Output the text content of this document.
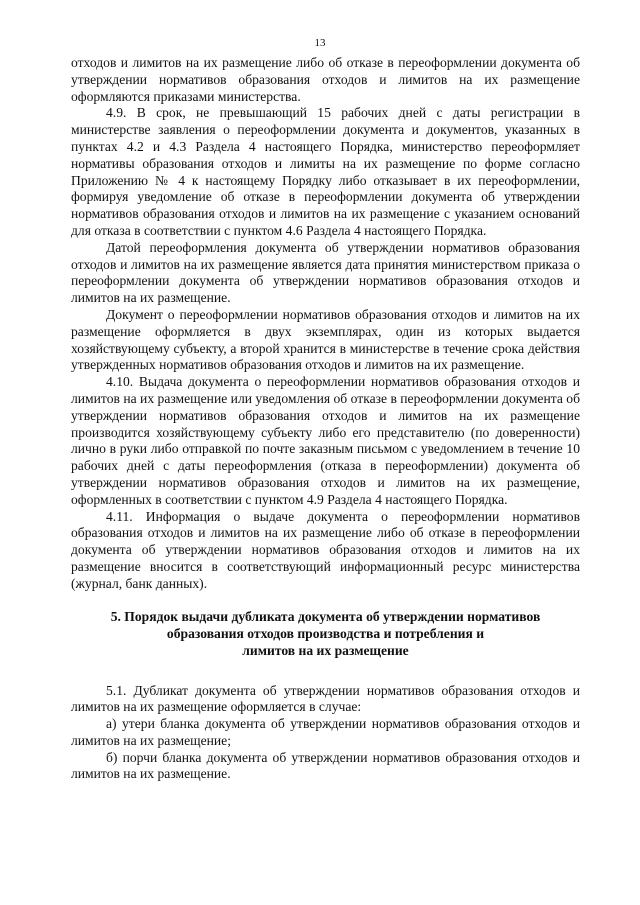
13

отходов и лимитов на их размещение либо об отказе в переоформлении документа об утверждении нормативов образования отходов и лимитов на их размещение оформляются приказами министерства.

4.9. В срок, не превышающий 15 рабочих дней с даты регистрации в министерстве заявления о переоформлении документа и документов, указанных в пунктах 4.2 и 4.3 Раздела 4 настоящего Порядка, министерство переоформляет нормативы образования отходов и лимиты на их размещение по форме согласно Приложению № 4 к настоящему Порядку либо отказывает в их переоформлении, формируя уведомление об отказе в переоформлении документа об утверждении нормативов образования отходов и лимитов на их размещение с указанием оснований для отказа в соответствии с пунктом 4.6 Раздела 4 настоящего Порядка.

Датой переоформления документа об утверждении нормативов образования отходов и лимитов на их размещение является дата принятия министерством приказа о переоформлении документа об утверждении нормативов образования отходов и лимитов на их размещение.

Документ о переоформлении нормативов образования отходов и лимитов на их размещение оформляется в двух экземплярах, один из которых выдается хозяйствующему субъекту, а второй хранится в министерстве в течение срока действия утвержденных нормативов образования отходов и лимитов на их размещение.

4.10. Выдача документа о переоформлении нормативов образования отходов и лимитов на их размещение или уведомления об отказе в переоформлении документа об утверждении нормативов образования отходов и лимитов на их размещение производится хозяйствующему субъекту либо его представителю (по доверенности) лично в руки либо отправкой по почте заказным письмом с уведомлением в течение 10 рабочих дней с даты переоформления (отказа в переоформлении) документа об утверждении нормативов образования отходов и лимитов на их размещение, оформленных в соответствии с пунктом 4.9 Раздела 4 настоящего Порядка.

4.11. Информация о выдаче документа о переоформлении нормативов образования отходов и лимитов на их размещение либо об отказе в переоформлении документа об утверждении нормативов образования отходов и лимитов на их размещение вносится в соответствующий информационный ресурс министерства (журнал, банк данных).

5. Порядок выдачи дубликата документа об утверждении нормативов
образования отходов производства и потребления и
лимитов на их размещение

5.1. Дубликат документа об утверждении нормативов образования отходов и лимитов на их размещение оформляется в случае:

а) утери бланка документа об утверждении нормативов образования отходов и лимитов на их размещение;

б) порчи бланка документа об утверждении нормативов образования отходов и лимитов на их размещение.
